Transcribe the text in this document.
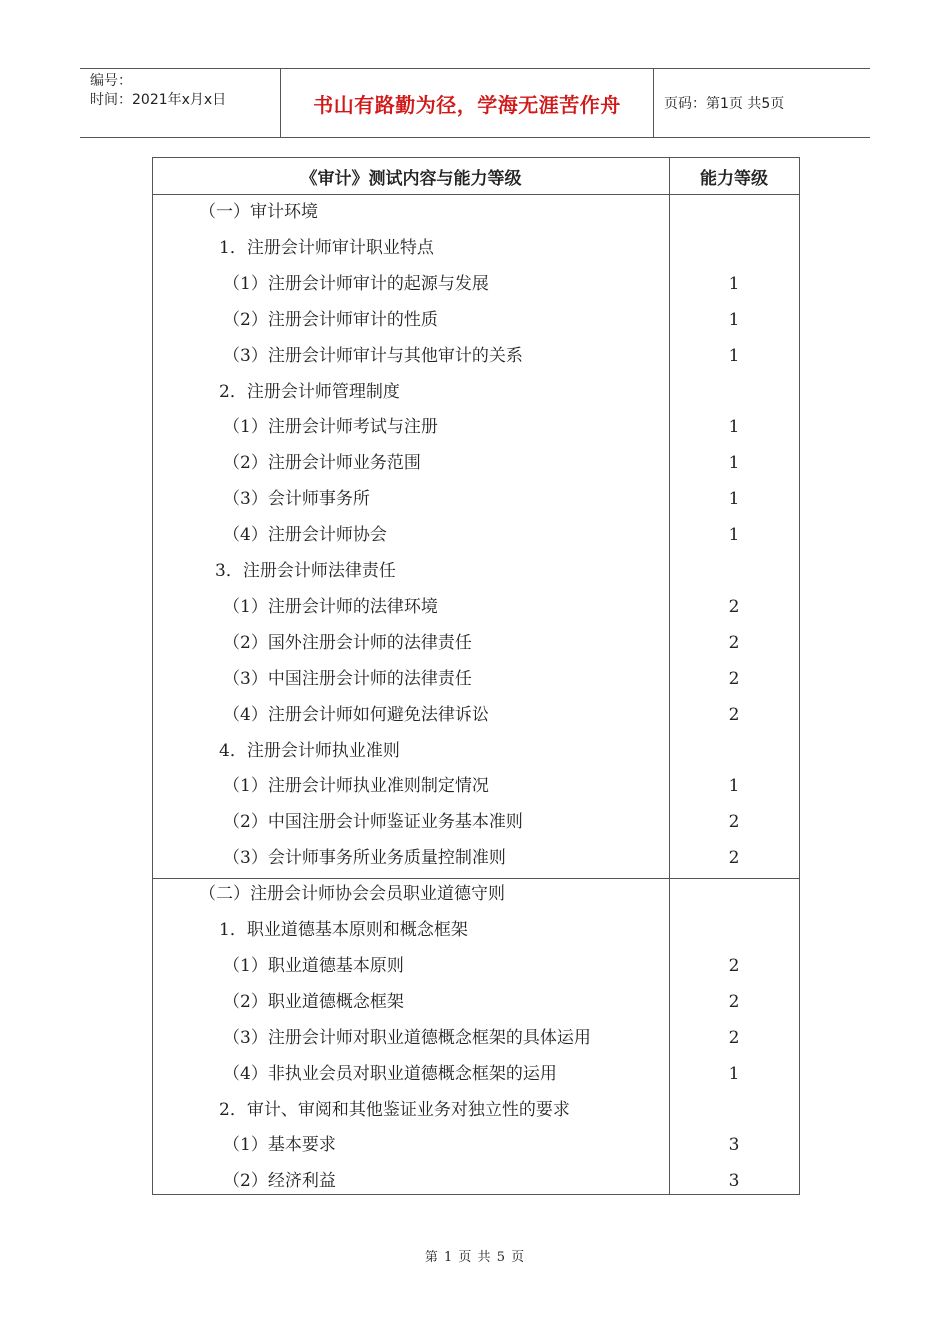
编号：
时间：2021年x月x日	书山有路勤为径，学海无涯苦作舟	页码：第1页 共5页
《审计》测试内容与能力等级	能力等级
（一）审计环境
1．注册会计师审计职业特点
（1）注册会计师审计的起源与发展	1
（2）注册会计师审计的性质	1
（3）注册会计师审计与其他审计的关系	1
2．注册会计师管理制度
（1）注册会计师考试与注册	1
（2）注册会计师业务范围	1
（3）会计师事务所	1
（4）注册会计师协会	1
3．注册会计师法律责任
（1）注册会计师的法律环境	2
（2）国外注册会计师的法律责任	2
（3）中国注册会计师的法律责任	2
（4）注册会计师如何避免法律诉讼	2
4．注册会计师执业准则
（1）注册会计师执业准则制定情况	1
（2）中国注册会计师鉴证业务基本准则	2
（3）会计师事务所业务质量控制准则	2
（二）注册会计师协会会员职业道德守则
1．职业道德基本原则和概念框架
（1）职业道德基本原则	2
（2）职业道德概念框架	2
（3）注册会计师对职业道德概念框架的具体运用	2
（4）非执业会员对职业道德概念框架的运用	1
2．审计、审阅和其他鉴证业务对独立性的要求
（1）基本要求	3
（2）经济利益	3
第 1 页 共 5 页
